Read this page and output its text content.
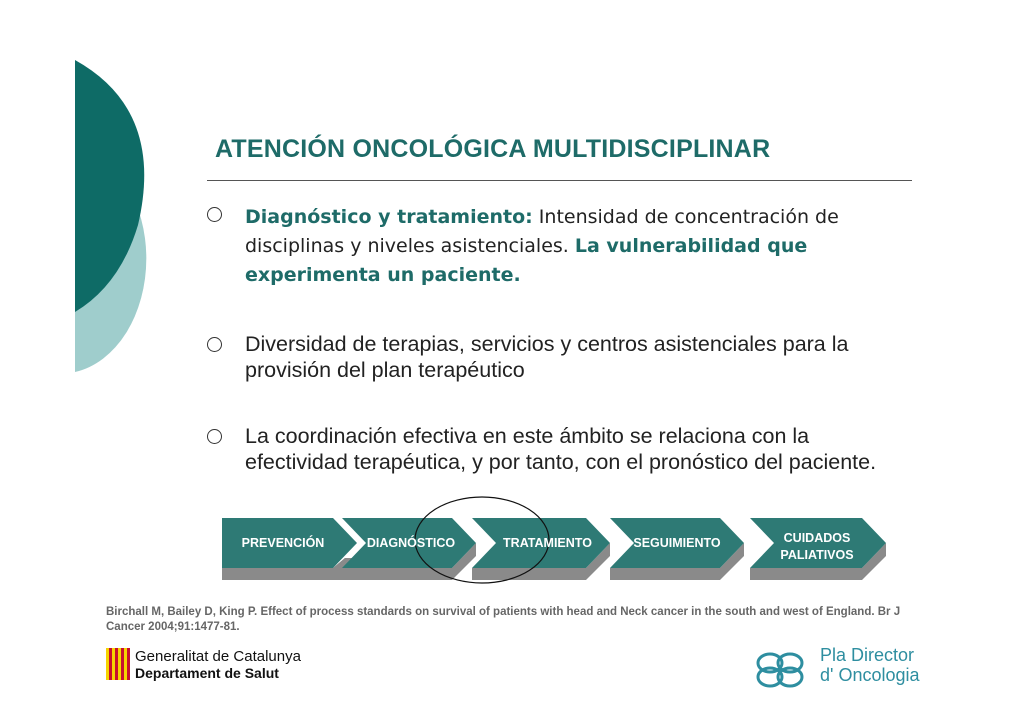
ATENCIÓN ONCOLÓGICA MULTIDISCIPLINAR
Diagnóstico y tratamiento: Intensidad de concentración de disciplinas y niveles asistenciales. La vulnerabilidad que experimenta un paciente.
Diversidad de terapias, servicios y centros asistenciales para la provisión del plan terapéutico
La coordinación efectiva en este ámbito se relaciona con la efectividad terapéutica, y por tanto, con el pronóstico del paciente.
PREVENCIÓN	DIAGNÓSTICO	TRATAMIENTO	SEGUIMIENTO	CUIDADOS PALIATIVOS
Birchall M, Bailey D, King P. Effect of process standards on survival of patients with head and Neck cancer in the south and west of England. Br J Cancer 2004;91:1477-81.
Generalitat de Catalunya
Departament de Salut
Pla Director
d' Oncologia
